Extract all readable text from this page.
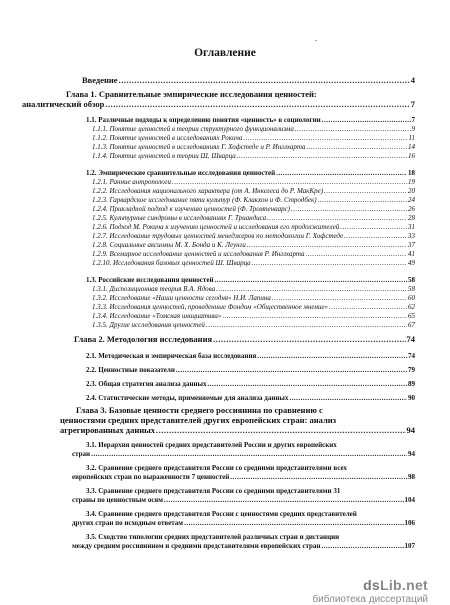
.
Оглавление
Введение .....	4
Глава 1. Сравнительные эмпирические исследования ценностей:
аналитический обзор .....	7
1.1. Различные подходы к определению понятия «ценность» в социологии .....	7
1.1.1. Понятие ценностей в теории структурного функционализма .....	9
1.1.2. Понятие ценностей в исследованиях Рокича .....	11
1.1.3. Понятие ценностей в исследованиях Г. Хофстеде и Р. Инглхарта .....	14
1.1.4. Понятие ценностей в теории Ш. Шварца .....	16
1.2. Эмпирические сравнительные исследования ценностей .....	18
1.2.1. Ранние антропологи .....	19
1.2.2. Исследования национального характера (от А. Инкелеса до Р. МакКре) .....	20
1.2.3. Гарвардское исследование пяти культур (Ф. Клакхон и Ф. Стродбек) .....	24
1.2.4. Прикладной подход к изучению ценностей (Ф. Тромпенаарс) .....	26
1.2.5. Культурные синдромы в исследованиях Г. Триандиса .....	28
1.2.6. Подход М. Рокича к изучению ценностей и исследования его продолжателей .....	31
1.2.7. Исследование трудовых ценностей менеджеров по методологии Г. Хофстеде .....	33
1.2.8. Социальные аксиомы М. Х. Бонда и К. Леунга .....	37
1.2.9. Всемирное исследование ценностей и исследования Р. Инглхарта .....	41
1.2.10. Исследования базовых ценностей Ш. Шварца .....	49
1.3. Российские исследования ценностей .....	58
1.3.1. Диспозиционная теория В.А. Ядова .....	58
1.3.2. Исследование «Наши ценности сегодня» Н.И. Лапина .....	60
1.3.3. Исследования ценностей, проведенные Фондом «Общественное мнение» .....	62
1.3.4. Исследование «Томская инициатива» .....	65
1.3.5. Другие исследования ценностей .....	67
Глава 2. Методология исследования .....	74
2.1. Методическая и эмпирическая база исследования .....	74
2.2. Ценностные показатели .....	79
2.3. Общая стратегия анализа данных .....	89
2.4. Статистические методы, применяемые для анализа данных .....	90
Глава 3. Базовые ценности среднего россиянина по сравнению с
ценностями средних представителей других европейских стран: анализ
агрегированных данных .....	94
3.1. Иерархия ценностей средних представителей России и других европейских
стран .....	94
3.2. Сравнение среднего представителя России со средними представителями всех
европейских стран по выраженности 7 ценностей .....	98
3.3. Сравнение среднего представителя России со средними представителями 31
страны по ценностным осям .....	104
3.4. Сравнение среднего представителя России с ценностями средних представителей
других стран по исходным ответам .....	106
3.5. Сходство типологии средних представителей различных стран и дистанции
между средним россиянином и средними представителями европейских стран .....	107
dsLib.net
библиотека диссертаций
